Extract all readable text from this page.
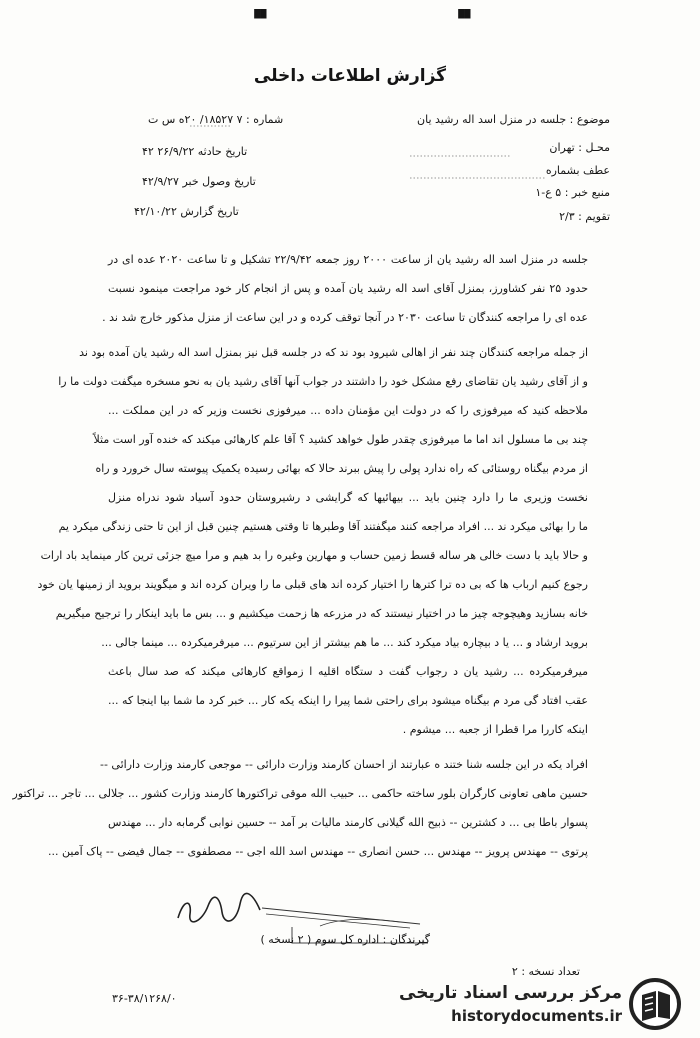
▝▘	▝▘
گزارش اطلاعات داخلی
موضوع : جلسه در منزل اسد اله رشید یان
محـل : تهران
عطف بشماره
منبع خبر : ۵ ع-۱
تقويم : ۲/۳
شماره : ۷ ۱۸۵۲۷/ ۲۰ه س ت
تاریخ حادثه ۲۶/۹/۲۲ ۴۲
تاریخ وصول خبر ۴۲/۹/۲۷
تاریخ گزارش ۴۲/۱۰/۲۲
جلسه در منزل اسد اله رشید یان از ساعت ۲۰۰۰ روز جمعه ۲۲/۹/۴۲ تشکیل و تا ساعت ۲۰۲۰ عده ای در
حدود ۲۵ نفر کشاورز، بمنزل آقای اسد اله رشید یان آمده و پس از انجام کار خود مراجعت مینمود نسبت
عده ای را مراجعه کنندگان تا ساعت ۲۰۳۰ در آنجا توقف کرده و در این ساعت از منزل مذکور خارج شد ند .
از جمله مراجعه کنندگان چند نفر از اهالی شیرود بود ند که در جلسه قبل نیز بمنزل اسد اله رشید یان آمده بود ند
و از آقای رشید یان تقاضای رفع مشکل خود را داشتند در جواب آنها آقای رشید یان به نحو مسخره میگفت دولت ما را
ملاحظه کنید که میرفوزی را که در دولت این مؤمنان داده ... میرفوزی نخست وزیر که در این مملکت ...
چند بی ما مسلول اند اما ما میرفوزی چقدر طول خواهد کشید ؟ آقا علم کارهائی میکند که خنده آور است مثلاً
از مردم بیگناه روستائی که راه ندارد پولی را پیش ببرند حالا که بهائی رسیده یکمیک پیوسته سال خرورد و راه
نخست وزیری ما را دارد چنین باید ... بیهائیها که گرایشی د رشیروستان حدود آسیاد شود ندراه منزل
ما را بهائی میکرد ند ... افراد مراجعه کنند میگفتند آقا وطبرها تا وقتی هستیم چنین قبل از این تا حتی زندگی میکرد یم
و حالا باید با دست خالی هر ساله قسط زمین حساب و مهارین وغیره را بد هیم و مرا میچ جزئی ترین کار مینماید باد ارات
رجوع کنیم ارباب ها که بی ده ترا کترها را اختیار کرده اند های قبلی ما را ویران کرده اند و میگویند بروید از زمینها یان خود
خانه بسازید وهیچوجه چیز ما در اختیار نیستند که در مزرعه ها زحمت میکشیم و ... بس ما باید اینکار را ترجیح میگیریم
بروید ارشاد و ... یا د بیچاره بیاد میکرد کند ... ما هم بیشتر از این سرتیوم ... میرفرمیکرده ... مینما جالی ...
میرفرمیکرده ... رشید یان د رجواب گفت د ستگاه اقلیه ا زمواقع کارهائی میکند که صد سال باعث
عقب افتاد گی مرد م بیگناه میشود برای راحتی شما پیرا را اینکه یکه کار ... خبر کرد ما شما بیا اینجا که ...
اینکه کاررا مرا قطرا از جعبه ... میشوم .
افراد یکه در این جلسه شنا ختند ه عبارتند از احسان کارمند وزارت دارائی -- موجعی کارمند وزارت دارائی --
حسین ماهی تعاونی کارگران بلور ساخته حاکمی ... حبیب الله موقی تراکتورها کارمند وزارت کشور ... جلالی ... تاجر ... تراکتور
پسوار باطا بی ... د کشترین -- ذبیح الله گیلانی کارمند مالیات بر آمد -- حسین نوابی گرمابه دار ... مهندس
پرتوی -- مهندس پرویز -- مهندس ... حسن انصاری -- مهندس اسد الله اجی -- مصطفوی -- جمال فیضی -- پاک آمین ...
گیرندگان : اداره کل سوم ( ۲ نسخه )
تعداد نسخه : ۲
۳۶-۳۸/۱۲۶۸/۰	مرکز بررسی اسناد تاریخی
historydocuments.ir
